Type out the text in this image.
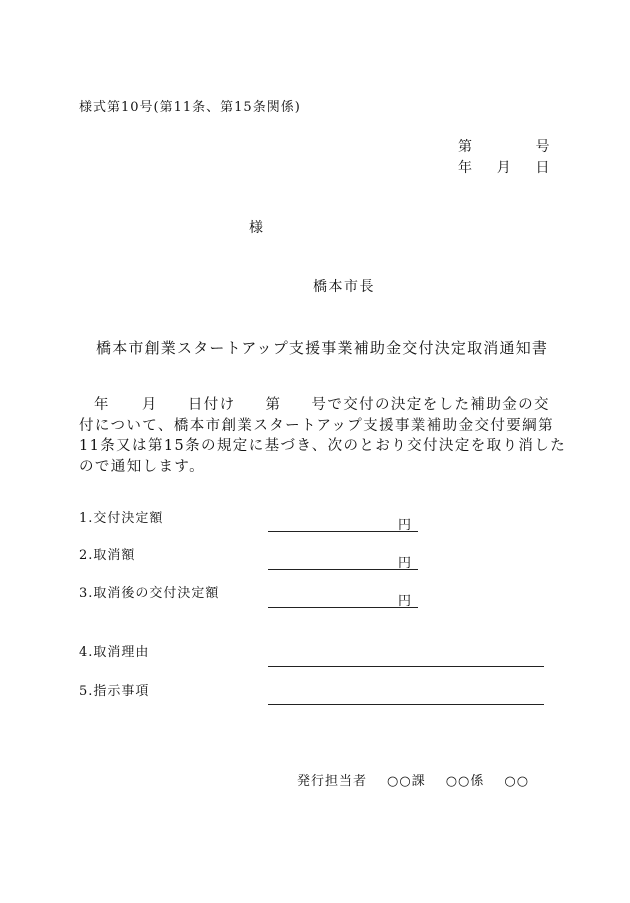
様式第10号(第11条、第15条関係)
第	号
年 月 日
様
橋本市長
橋本市創業スタートアップ支援事業補助金交付決定取消通知書
年 月 日付け 第 号で交付の決定をした補助金の交
付について、橋本市創業スタートアップ支援事業補助金交付要綱第
11条又は第15条の規定に基づき、次のとおり交付決定を取り消した
ので通知します。
1.交付決定額	円
2.取消額
円
3.取消後の交付決定額
円
4.取消理由
5.指示事項
発行担当者 ○○課 ○○係 ○○
